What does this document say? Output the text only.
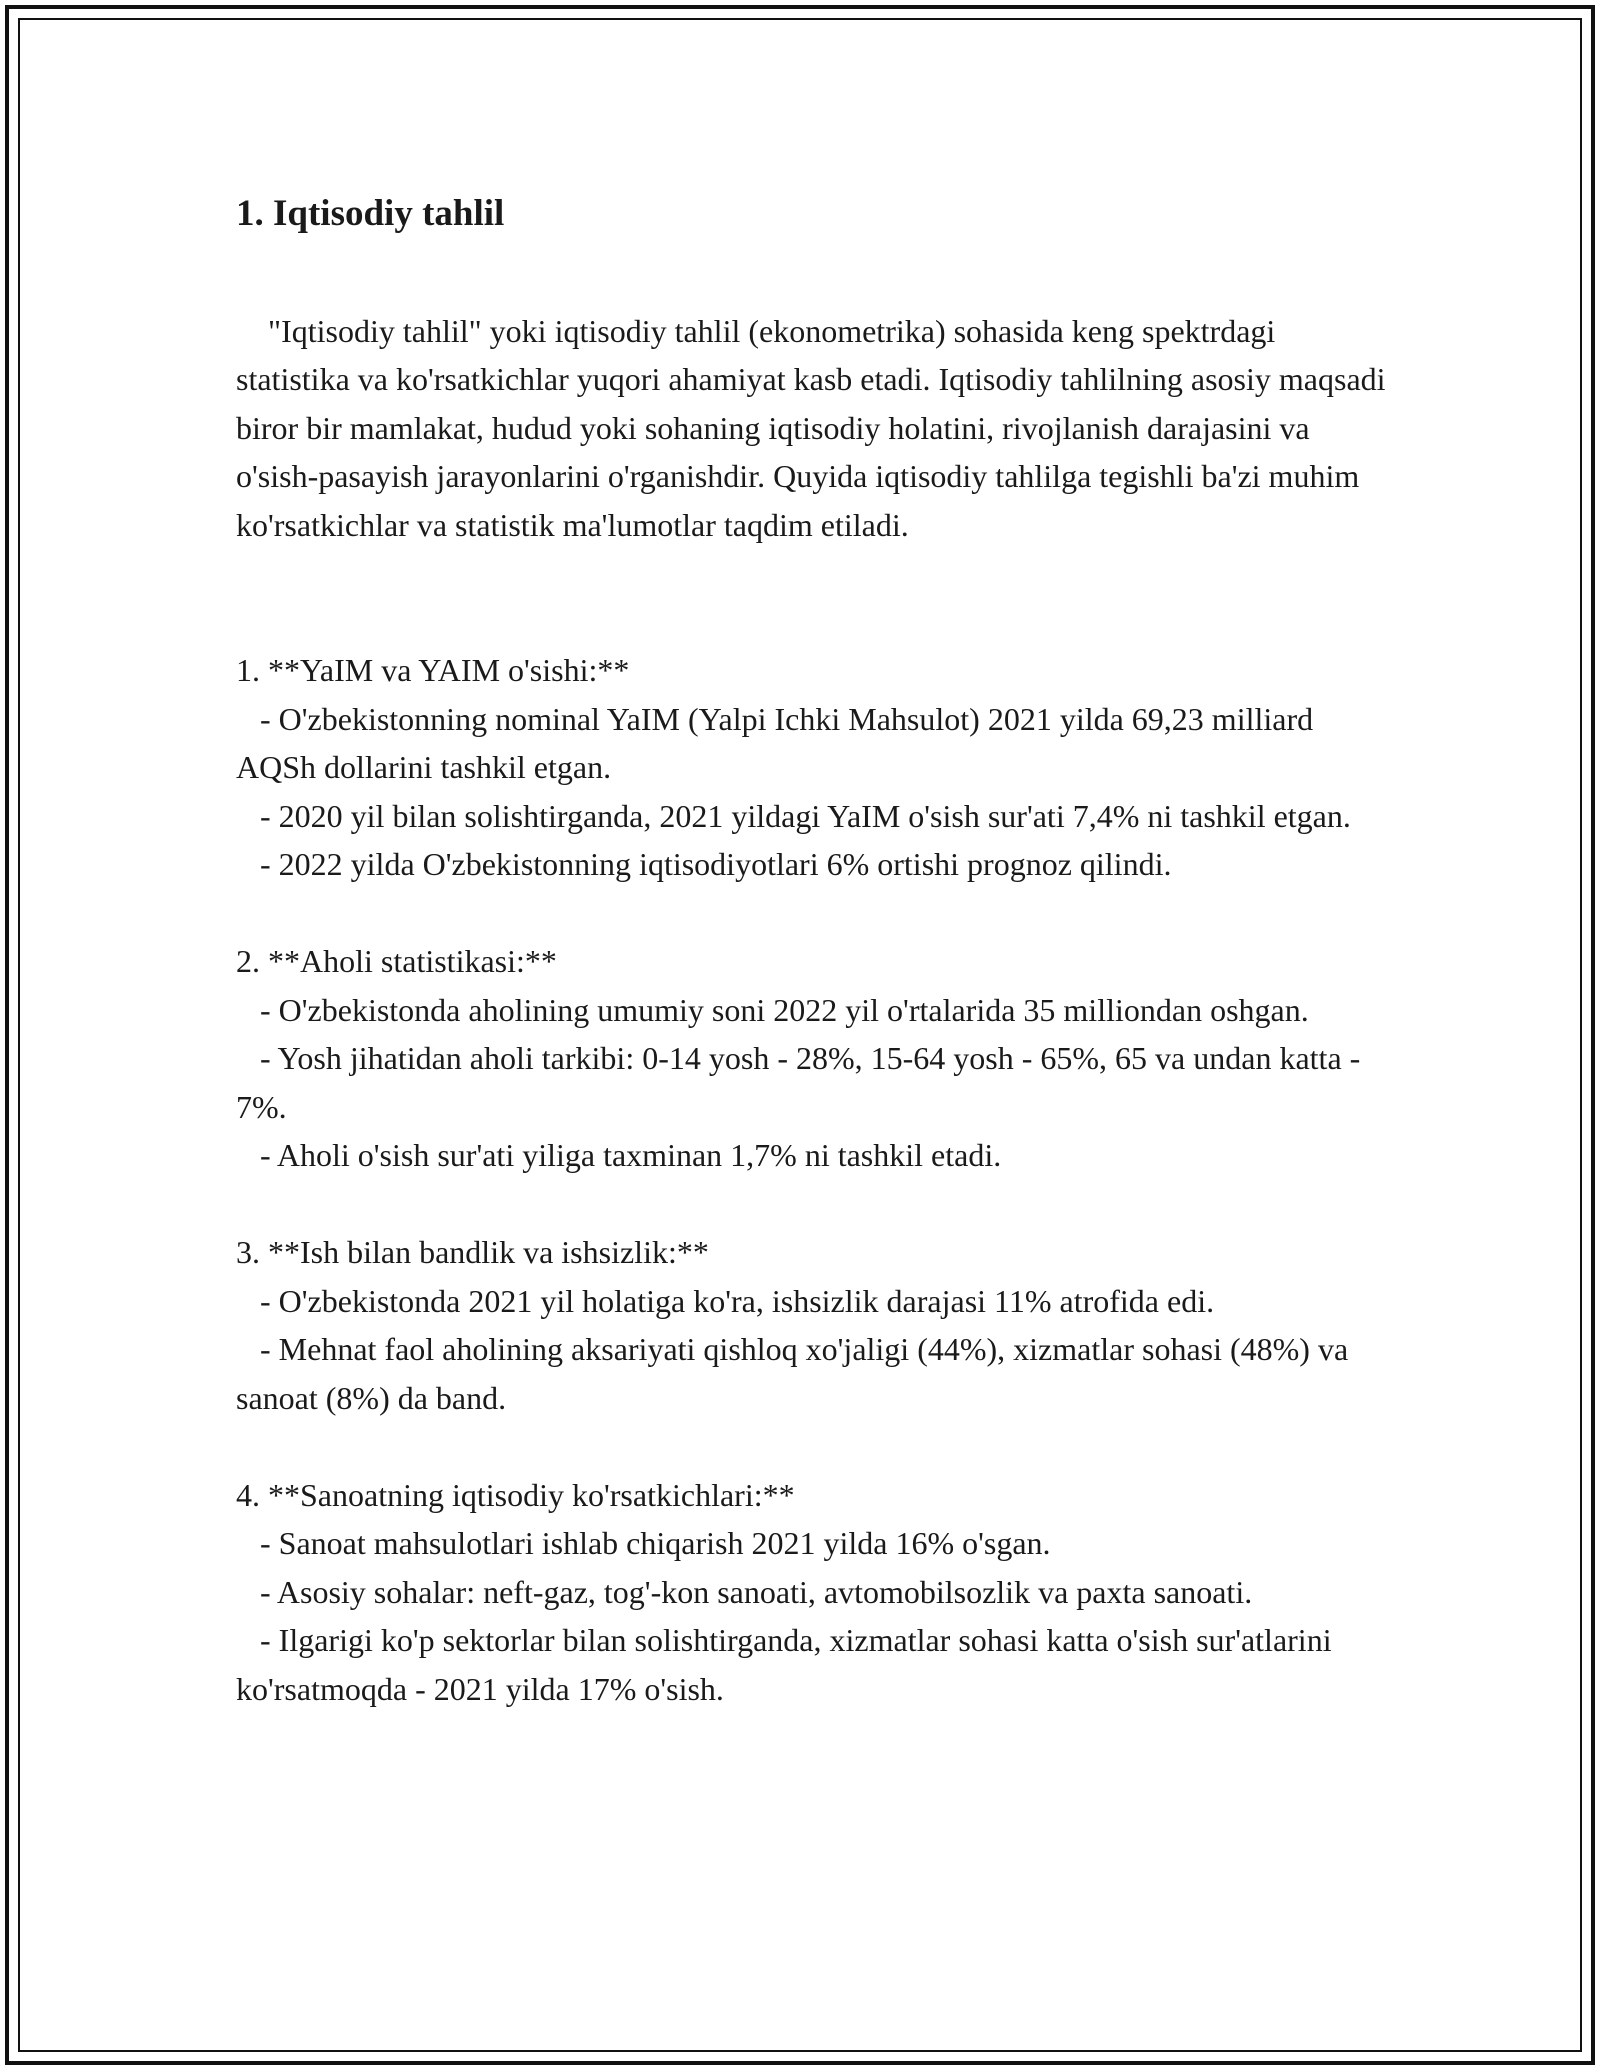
1. Iqtisodiy tahlil

"Iqtisodiy tahlil" yoki iqtisodiy tahlil (ekonometrika) sohasida keng spektrdagi statistika va ko'rsatkichlar yuqori ahamiyat kasb etadi. Iqtisodiy tahlilning asosiy maqsadi biror bir mamlakat, hudud yoki sohaning iqtisodiy holatini, rivojlanish darajasini va o'sish-pasayish jarayonlarini o'rganishdir. Quyida iqtisodiy tahlilga tegishli ba'zi muhim ko'rsatkichlar va statistik ma'lumotlar taqdim etiladi.

1. **YaIM va YAIM o'sishi:**
- O'zbekistonning nominal YaIM (Yalpi Ichki Mahsulot) 2021 yilda 69,23 milliard AQSh dollarini tashkil etgan.
- 2020 yil bilan solishtirganda, 2021 yildagi YaIM o'sish sur'ati 7,4% ni tashkil etgan.
- 2022 yilda O'zbekistonning iqtisodiyotlari 6% ortishi prognoz qilindi.

2. **Aholi statistikasi:**
- O'zbekistonda aholining umumiy soni 2022 yil o'rtalarida 35 milliondan oshgan.
- Yosh jihatidan aholi tarkibi: 0-14 yosh - 28%, 15-64 yosh - 65%, 65 va undan katta - 7%.
- Aholi o'sish sur'ati yiliga taxminan 1,7% ni tashkil etadi.

3. **Ish bilan bandlik va ishsizlik:**
- O'zbekistonda 2021 yil holatiga ko'ra, ishsizlik darajasi 11% atrofida edi.
- Mehnat faol aholining aksariyati qishloq xo'jaligi (44%), xizmatlar sohasi (48%) va sanoat (8%) da band.

4. **Sanoatning iqtisodiy ko'rsatkichlari:**
- Sanoat mahsulotlari ishlab chiqarish 2021 yilda 16% o'sgan.
- Asosiy sohalar: neft-gaz, tog'-kon sanoati, avtomobilsozlik va paxta sanoati.
- Ilgarigi ko'p sektorlar bilan solishtirganda, xizmatlar sohasi katta o'sish sur'atlarini ko'rsatmoqda - 2021 yilda 17% o'sish.
